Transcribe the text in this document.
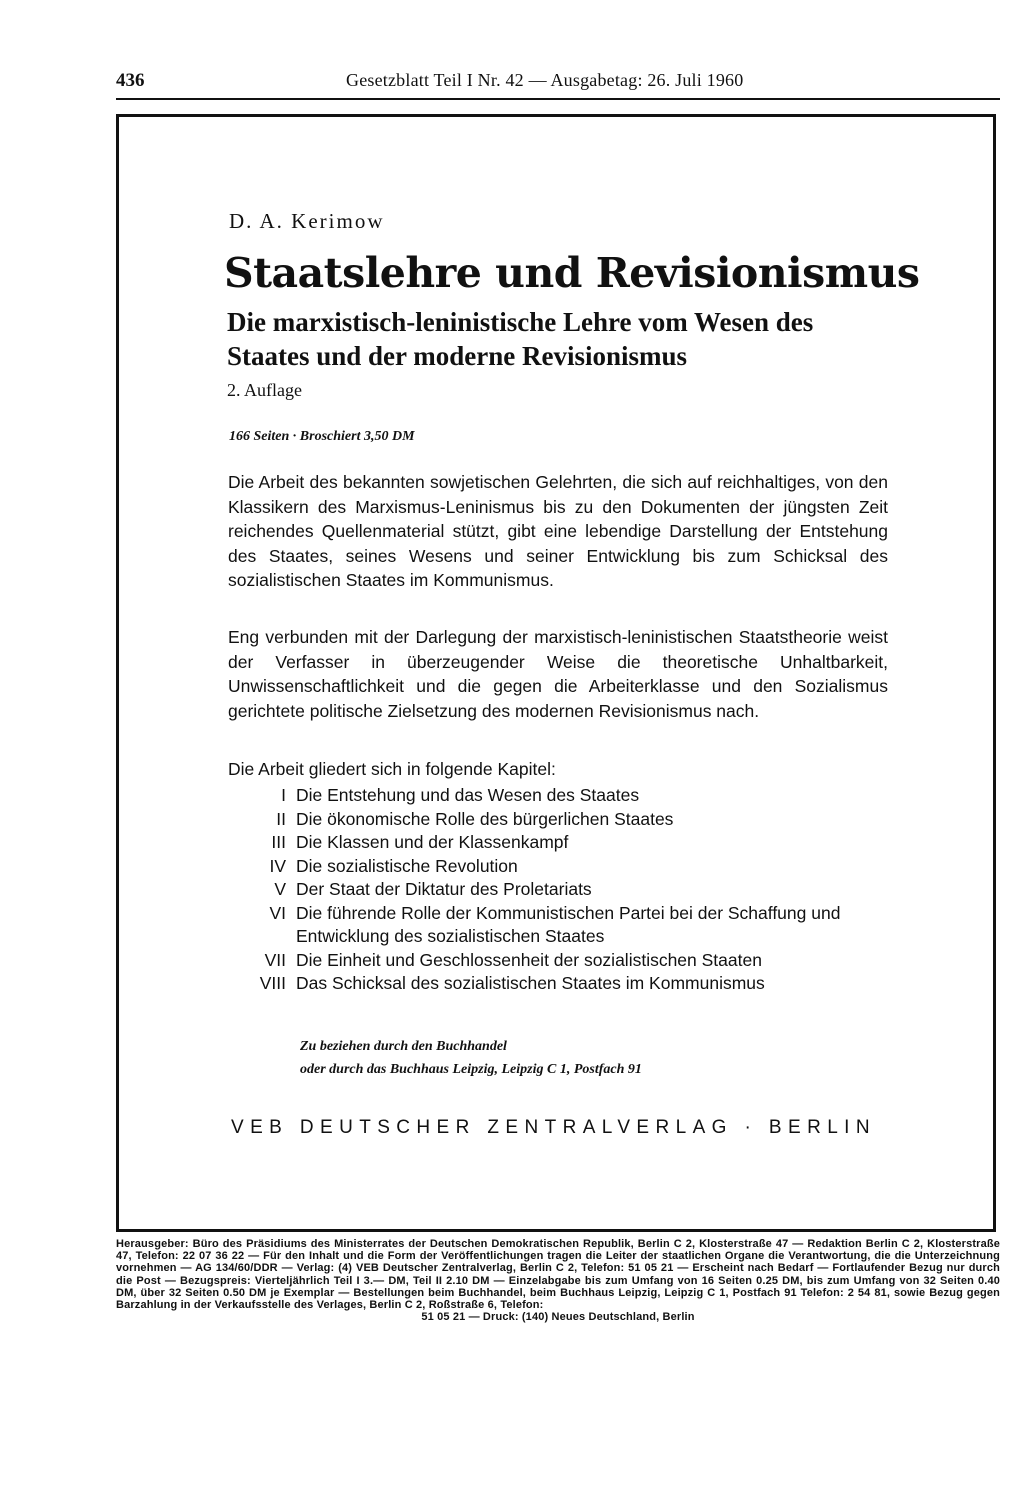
436	Gesetzblatt Teil I Nr. 42 — Ausgabetag: 26. Juli 1960
D. A. Kerimow
Staatslehre und Revisionismus
Die marxistisch-leninistische Lehre vom Wesen des Staates und der moderne Revisionismus
2. Auflage
166 Seiten · Broschiert 3,50 DM

Die Arbeit des bekannten sowjetischen Gelehrten, die sich auf reichhaltiges, von den Klassikern des Marxismus-Leninismus bis zu den Dokumenten der jüngsten Zeit reichendes Quellenmaterial stützt, gibt eine lebendige Darstellung der Entstehung des Staates, seines Wesens und seiner Entwicklung bis zum Schicksal des sozialistischen Staates im Kommunismus.

Eng verbunden mit der Darlegung der marxistisch-leninistischen Staatstheorie weist der Verfasser in überzeugender Weise die theoretische Unhaltbarkeit, Unwissenschaftlichkeit und die gegen die Arbeiterklasse und den Sozialismus gerichtete politische Zielsetzung des modernen Revisionismus nach.

Die Arbeit gliedert sich in folgende Kapitel:

I Die Entstehung und das Wesen des Staates
II Die ökonomische Rolle des bürgerlichen Staates
III Die Klassen und der Klassenkampf
IV Die sozialistische Revolution
V Der Staat der Diktatur des Proletariats
VI Die führende Rolle der Kommunistischen Partei bei der Schaffung und Entwicklung des sozialistischen Staates
VII Die Einheit und Geschlossenheit der sozialistischen Staaten
VIII Das Schicksal des sozialistischen Staates im Kommunismus
Zu beziehen durch den Buchhandel
oder durch das Buchhaus Leipzig, Leipzig C 1, Postfach 91
VEB DEUTSCHER ZENTRALVERLAG · BERLIN
Herausgeber: Büro des Präsidiums des Ministerrates der Deutschen Demokratischen Republik, Berlin C 2, Klosterstraße 47 — Redaktion Berlin C 2, Klosterstraße 47, Telefon: 22 07 36 22 — Für den Inhalt und die Form der Veröffentlichungen tragen die Leiter der staatlichen Organe die Verantwortung, die die Unterzeichnung vornehmen — AG 134/60/DDR — Verlag: (4) VEB Deutscher Zentralverlag, Berlin C 2, Telefon: 51 05 21 — Erscheint nach Bedarf — Fortlaufender Bezug nur durch die Post — Bezugspreis: Vierteljährlich Teil I 3.— DM, Teil II 2.10 DM — Einzelabgabe bis zum Umfang von 16 Seiten 0.25 DM, bis zum Umfang von 32 Seiten 0.40 DM, über 32 Seiten 0.50 DM je Exemplar — Bestellungen beim Buchhandel, beim Buchhaus Leipzig, Leipzig C 1, Postfach 91 Telefon: 2 54 81, sowie Bezug gegen Barzahlung in der Verkaufsstelle des Verlages, Berlin C 2, Roßstraße 6, Telefon:
51 05 21 — Druck: (140) Neues Deutschland, Berlin
